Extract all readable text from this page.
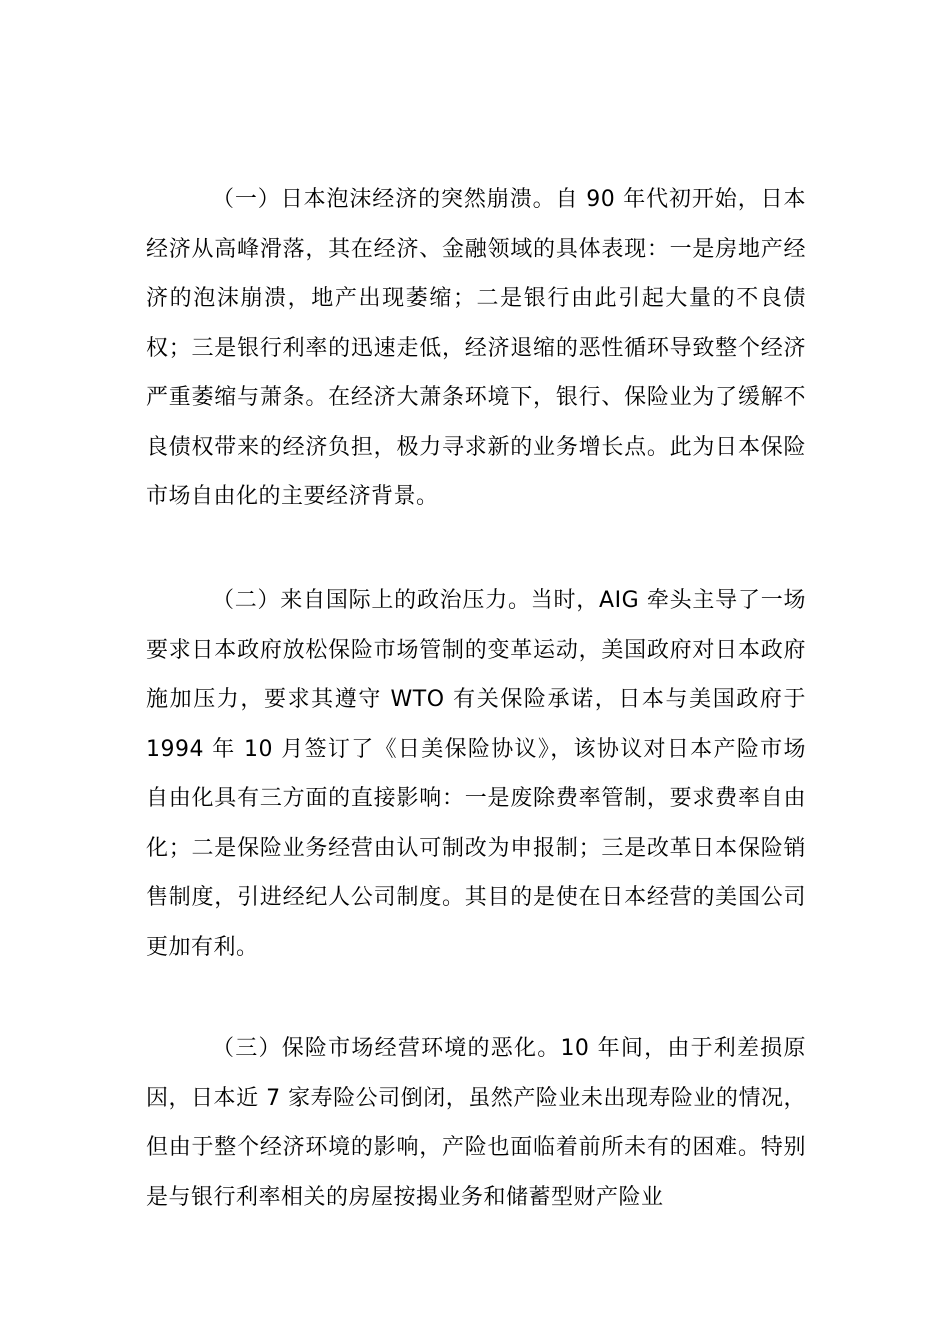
（一）日本泡沫经济的突然崩溃。自 90 年代初开始，日本经济从高峰滑落，其在经济、金融领域的具体表现：一是房地产经济的泡沫崩溃，地产出现萎缩；二是银行由此引起大量的不良债权；三是银行利率的迅速走低，经济退缩的恶性循环导致整个经济严重萎缩与萧条。在经济大萧条环境下，银行、保险业为了缓解不良债权带来的经济负担，极力寻求新的业务增长点。此为日本保险市场自由化的主要经济背景。

（二）来自国际上的政治压力。当时，AIG 牵头主导了一场要求日本政府放松保险市场管制的变革运动，美国政府对日本政府施加压力，要求其遵守 WTO 有关保险承诺，日本与美国政府于 1994 年 10 月签订了《日美保险协议》，该协议对日本产险市场自由化具有三方面的直接影响：一是废除费率管制，要求费率自由化；二是保险业务经营由认可制改为申报制；三是改革日本保险销售制度，引进经纪人公司制度。其目的是使在日本经营的美国公司更加有利。

（三）保险市场经营环境的恶化。10 年间，由于利差损原因，日本近 7 家寿险公司倒闭，虽然产险业未出现寿险业的情况，但由于整个经济环境的影响，产险也面临着前所未有的困难。特别是与银行利率相关的房屋按揭业务和储蓄型财产险业
